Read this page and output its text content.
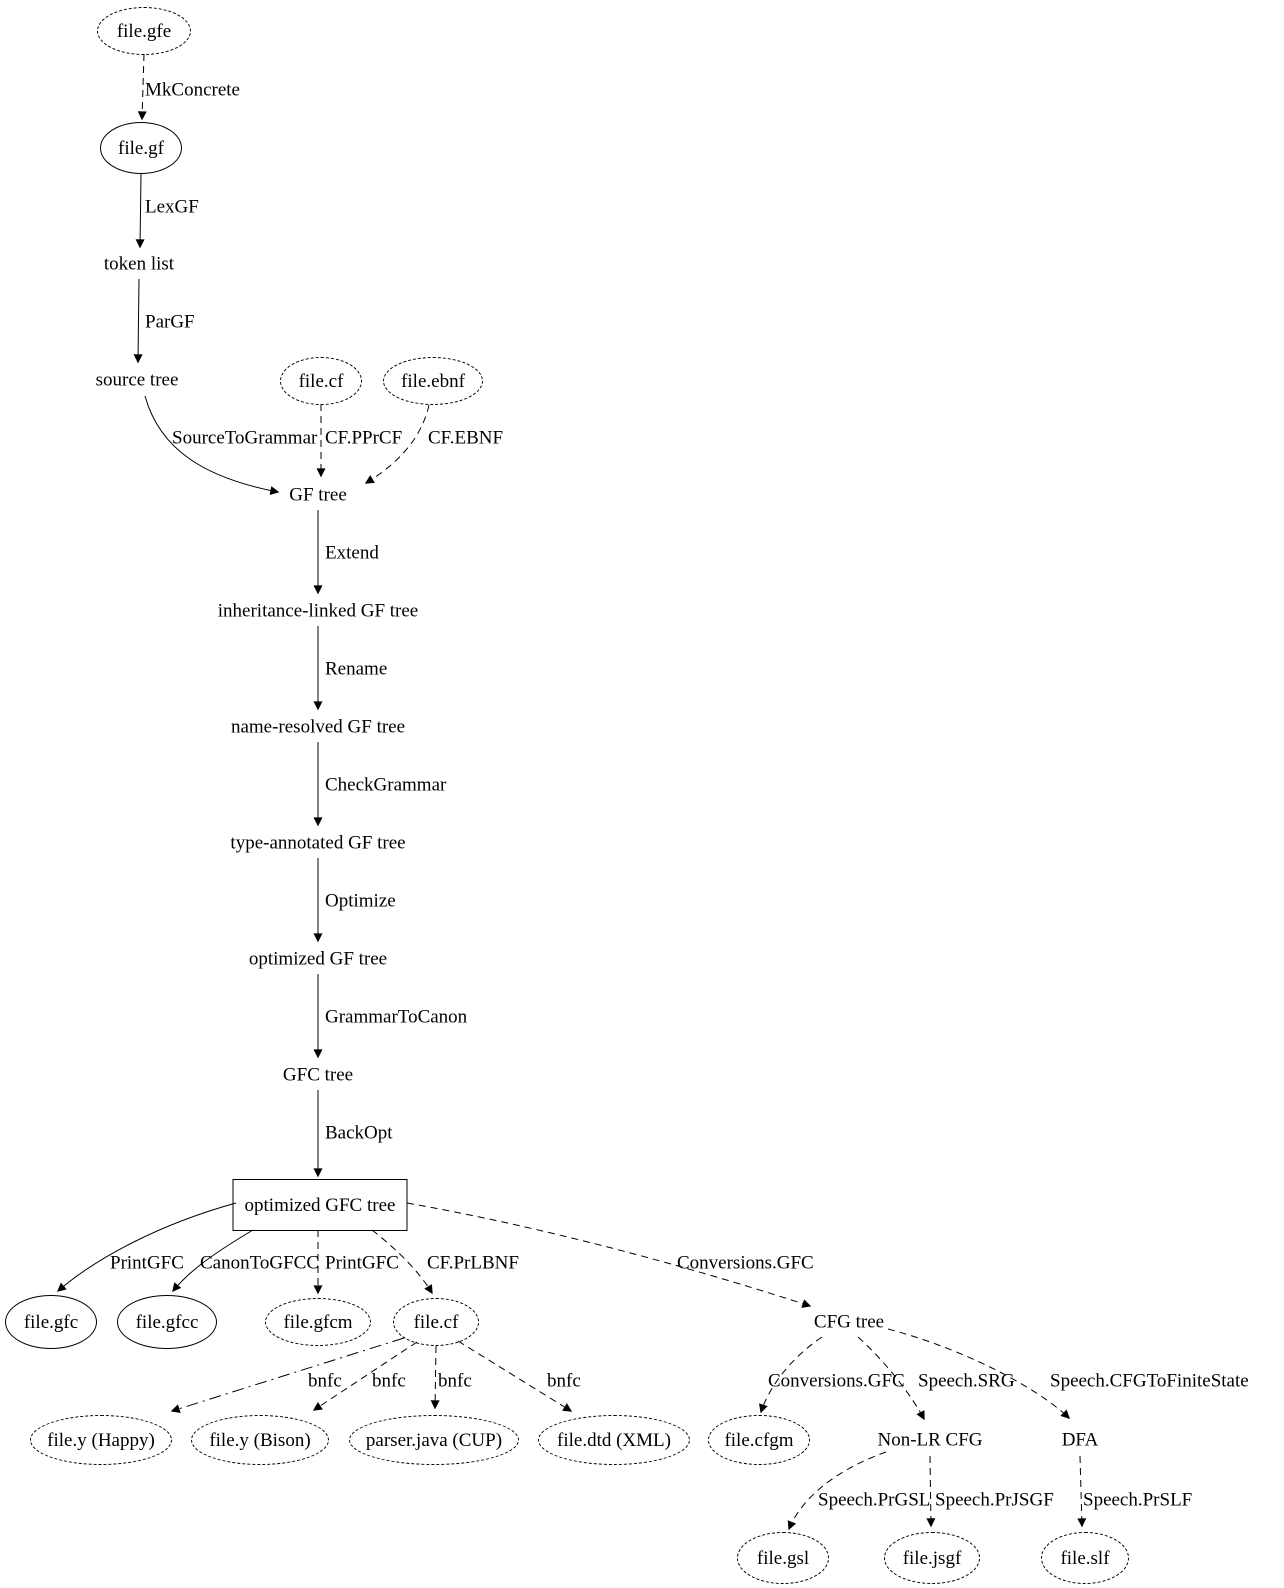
file.gfe
file.gf
token list
source tree	file.cf	file.ebnf
GF tree
inheritance-linked GF tree
name-resolved GF tree
type-annotated GF tree
optimized GF tree
GFC tree
optimized GFC tree
file.gfc	file.gfcc	file.gfcm	file.cf	CFG tree
file.y (Happy)	file.y (Bison)	parser.java (CUP)	file.dtd (XML)	file.cfgm	Non-LR CFG	DFA
file.gsl	file.jsgf	file.slf
MkConcrete
LexGF
ParGF
SourceToGrammar CF.PPrCF CF.EBNF
Extend
Rename
CheckGrammar
Optimize
GrammarToCanon
BackOpt
PrintGFC CanonToGFCC PrintGFC CF.PrLBNF	Conversions.GFC
bnfc bnfc bnfc	bnfc	Conversions.GFC Speech.SRG Speech.CFGToFiniteState
Speech.PrGSL Speech.PrJSGF Speech.PrSLF
